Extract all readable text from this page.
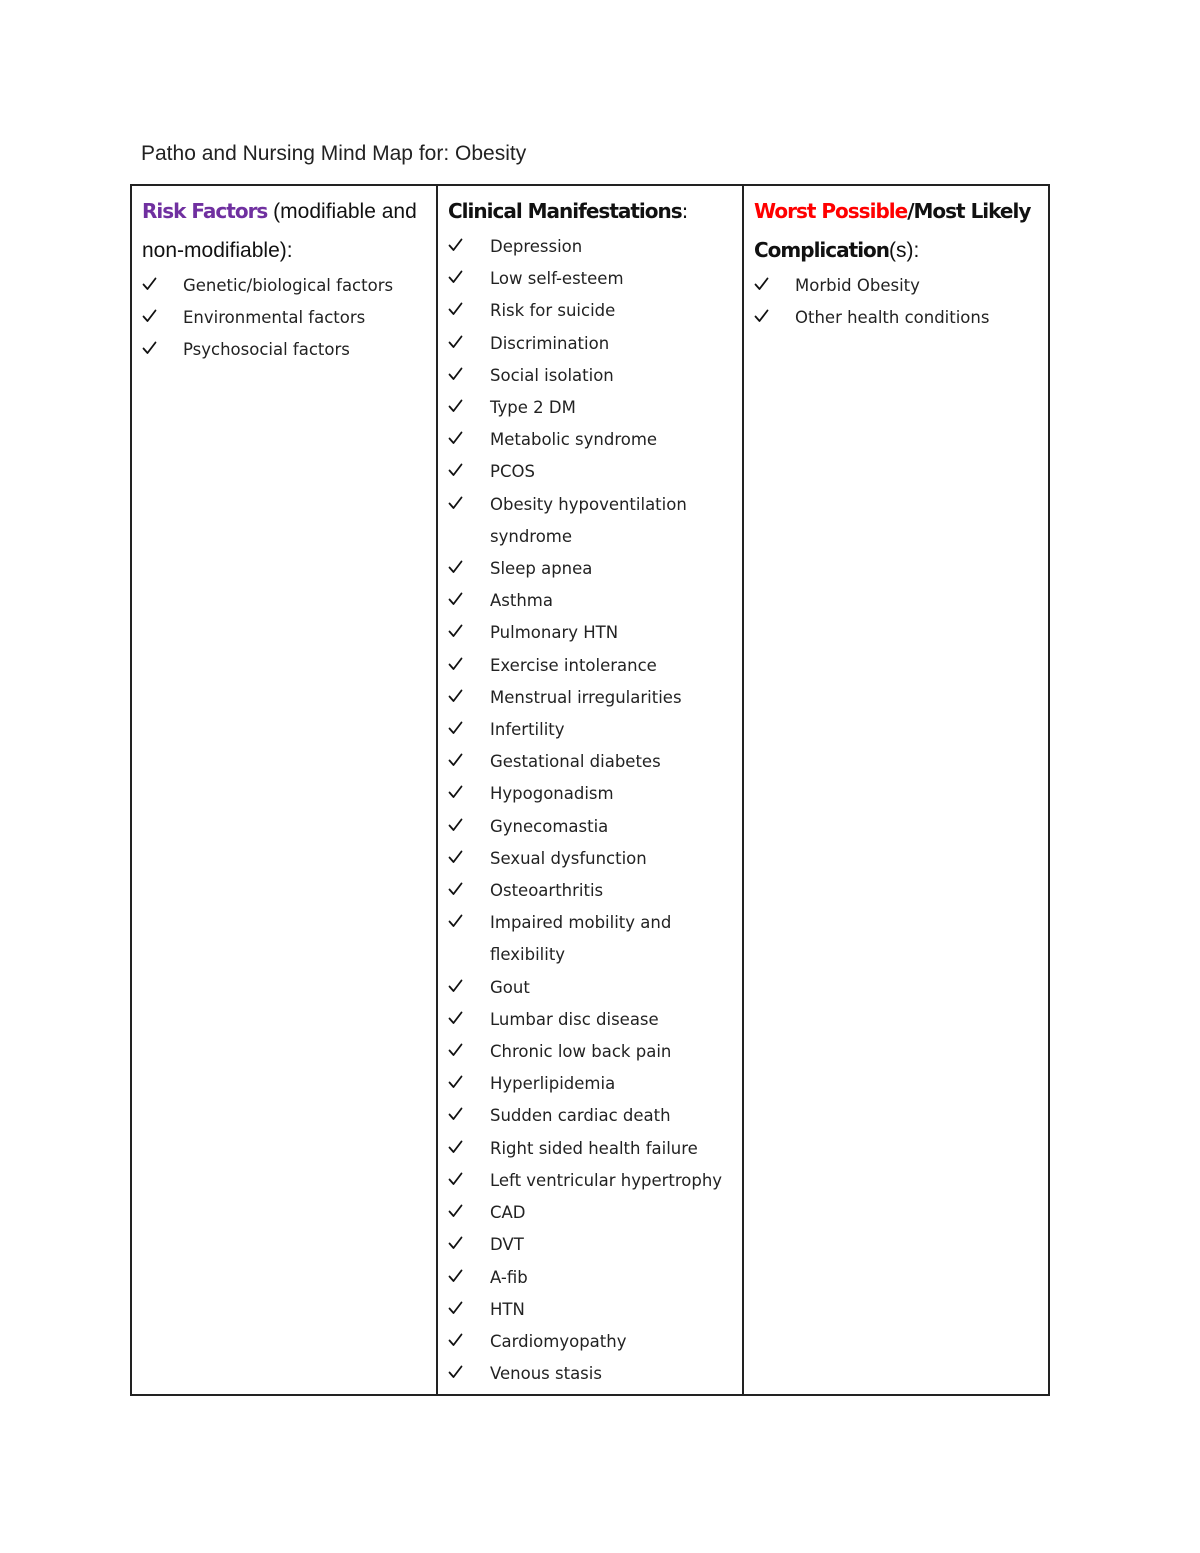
Patho and Nursing Mind Map for: Obesity

Risk Factors (modifiable and non-modifiable):

Genetic/biological factors
Environmental factors
Psychosocial factors

Clinical Manifestations:

Depression
Low self-esteem
Risk for suicide
Discrimination
Social isolation
Type 2 DM
Metabolic syndrome
PCOS
Obesity hypoventilation syndrome
Sleep apnea
Asthma
Pulmonary HTN
Exercise intolerance
Menstrual irregularities
Infertility
Gestational diabetes
Hypogonadism
Gynecomastia
Sexual dysfunction
Osteoarthritis
Impaired mobility and flexibility
Gout
Lumbar disc disease
Chronic low back pain
Hyperlipidemia
Sudden cardiac death
Right sided health failure
Left ventricular hypertrophy
CAD
DVT
A-fib
HTN
Cardiomyopathy
Venous stasis

Worst Possible/Most Likely Complication(s):

Morbid Obesity
Other health conditions
